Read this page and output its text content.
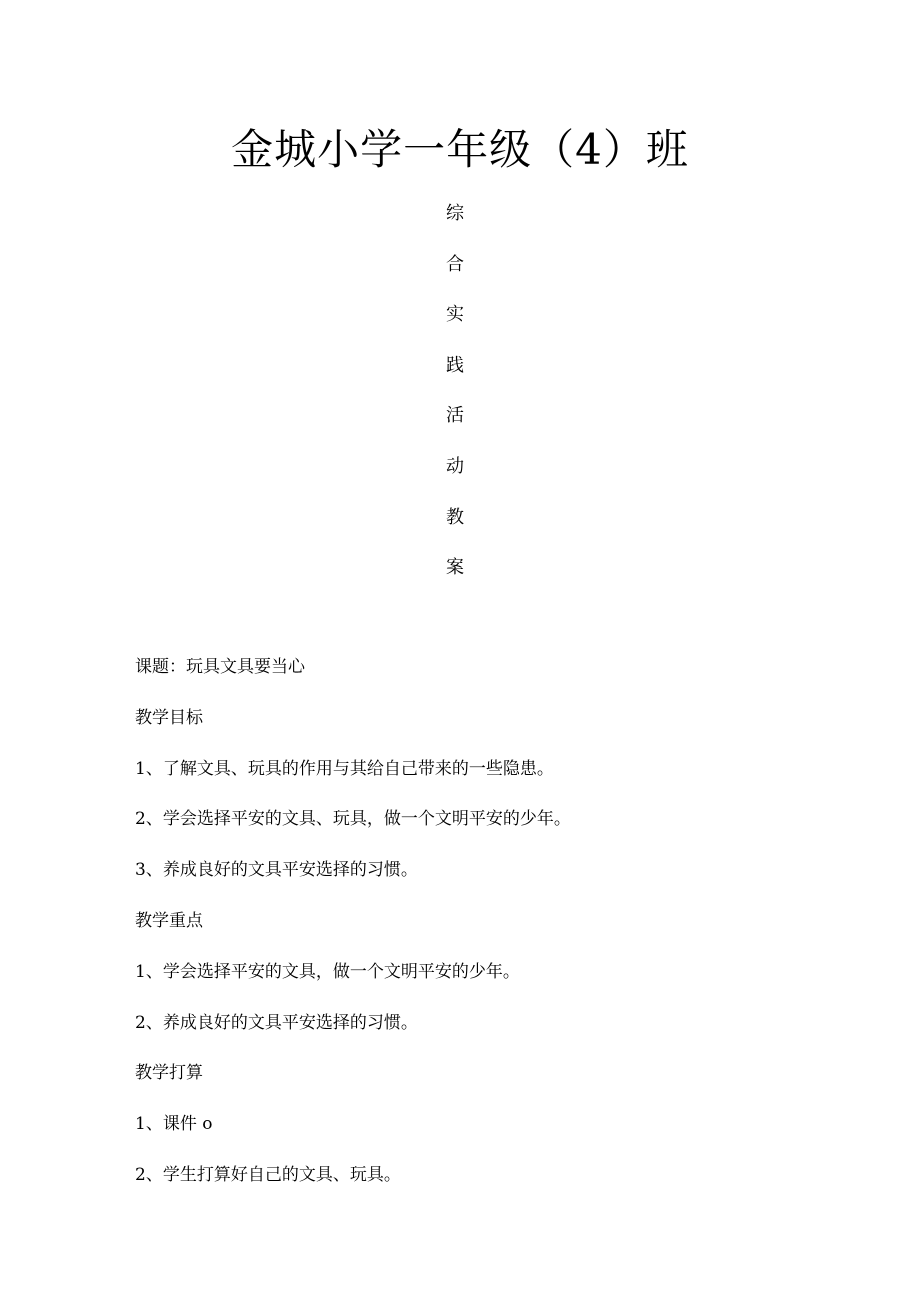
金城小学一年级（4）班
综
合
实
践
活
动
教
案
课题：玩具文具要当心
教学目标
1、了解文具、玩具的作用与其给自己带来的一些隐患。
2、学会选择平安的文具、玩具，做一个文明平安的少年。
3、养成良好的文具平安选择的习惯。
教学重点
1、学会选择平安的文具，做一个文明平安的少年。
2、养成良好的文具平安选择的习惯。
教学打算
1、课件 o
2、学生打算好自己的文具、玩具。
